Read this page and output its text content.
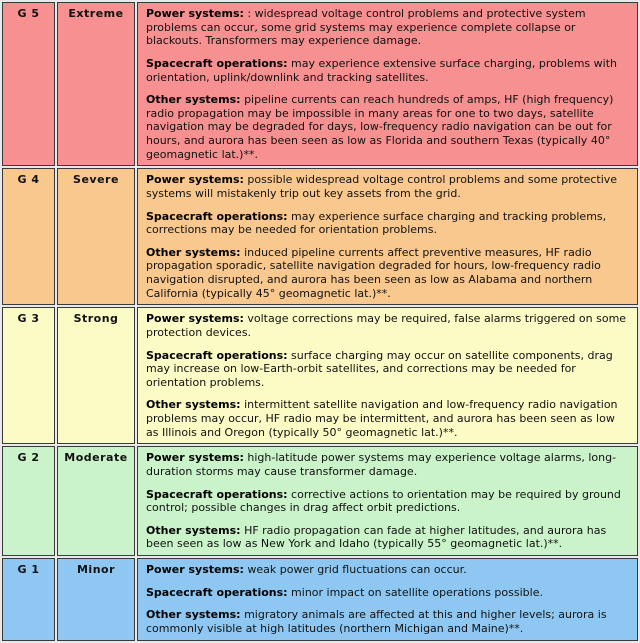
G 5	Extreme	Power systems: : widespread voltage control problems and protective system problems can occur, some grid systems may experience complete collapse or blackouts. Transformers may experience damage.

Spacecraft operations: may experience extensive surface charging, problems with orientation, uplink/downlink and tracking satellites.

Other systems: pipeline currents can reach hundreds of amps, HF (high frequency) radio propagation may be impossible in many areas for one to two days, satellite navigation may be degraded for days, low-frequency radio navigation can be out for hours, and aurora has been seen as low as Florida and southern Texas (typically 40° geomagnetic lat.)**.

G 4	Severe	Power systems: possible widespread voltage control problems and some protective systems will mistakenly trip out key assets from the grid.

Spacecraft operations: may experience surface charging and tracking problems, corrections may be needed for orientation problems.

Other systems: induced pipeline currents affect preventive measures, HF radio propagation sporadic, satellite navigation degraded for hours, low-frequency radio navigation disrupted, and aurora has been seen as low as Alabama and northern California (typically 45° geomagnetic lat.)**.

G 3	Strong	Power systems: voltage corrections may be required, false alarms triggered on some protection devices.

Spacecraft operations: surface charging may occur on satellite components, drag may increase on low-Earth-orbit satellites, and corrections may be needed for orientation problems.

Other systems: intermittent satellite navigation and low-frequency radio navigation problems may occur, HF radio may be intermittent, and aurora has been seen as low as Illinois and Oregon (typically 50° geomagnetic lat.)**.

G 2	Moderate	Power systems: high-latitude power systems may experience voltage alarms, long-duration storms may cause transformer damage.

Spacecraft operations: corrective actions to orientation may be required by ground control; possible changes in drag affect orbit predictions.

Other systems: HF radio propagation can fade at higher latitudes, and aurora has been seen as low as New York and Idaho (typically 55° geomagnetic lat.)**.

G 1	Minor	Power systems: weak power grid fluctuations can occur.

Spacecraft operations: minor impact on satellite operations possible.

Other systems: migratory animals are affected at this and higher levels; aurora is commonly visible at high latitudes (northern Michigan and Maine)**.
